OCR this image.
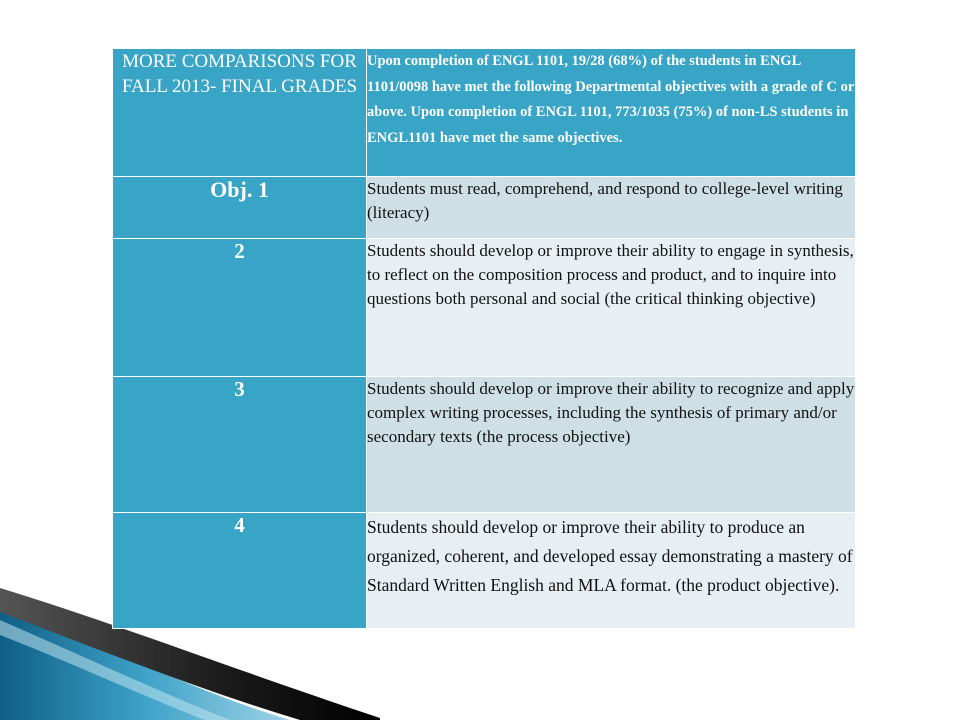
MORE COMPARISONS FOR FALL 2013- FINAL GRADES	Upon completion of ENGL 1101, 19/28 (68%) of the students in ENGL 1101/0098 have met the following Departmental objectives with a grade of C or above. Upon completion of ENGL 1101, 773/1035 (75%) of non-LS students in ENGL1101 have met the same objectives.
Obj. 1	Students must read, comprehend, and respond to college-level writing (literacy)
2	Students should develop or improve their ability to engage in synthesis, to reflect on the composition process and product, and to inquire into questions both personal and social (the critical thinking objective)
3	Students should develop or improve their ability to recognize and apply complex writing processes, including the synthesis of primary and/or secondary texts (the process objective)
4	Students should develop or improve their ability to produce an organized, coherent, and developed essay demonstrating a mastery of Standard Written English and MLA format. (the product objective).
